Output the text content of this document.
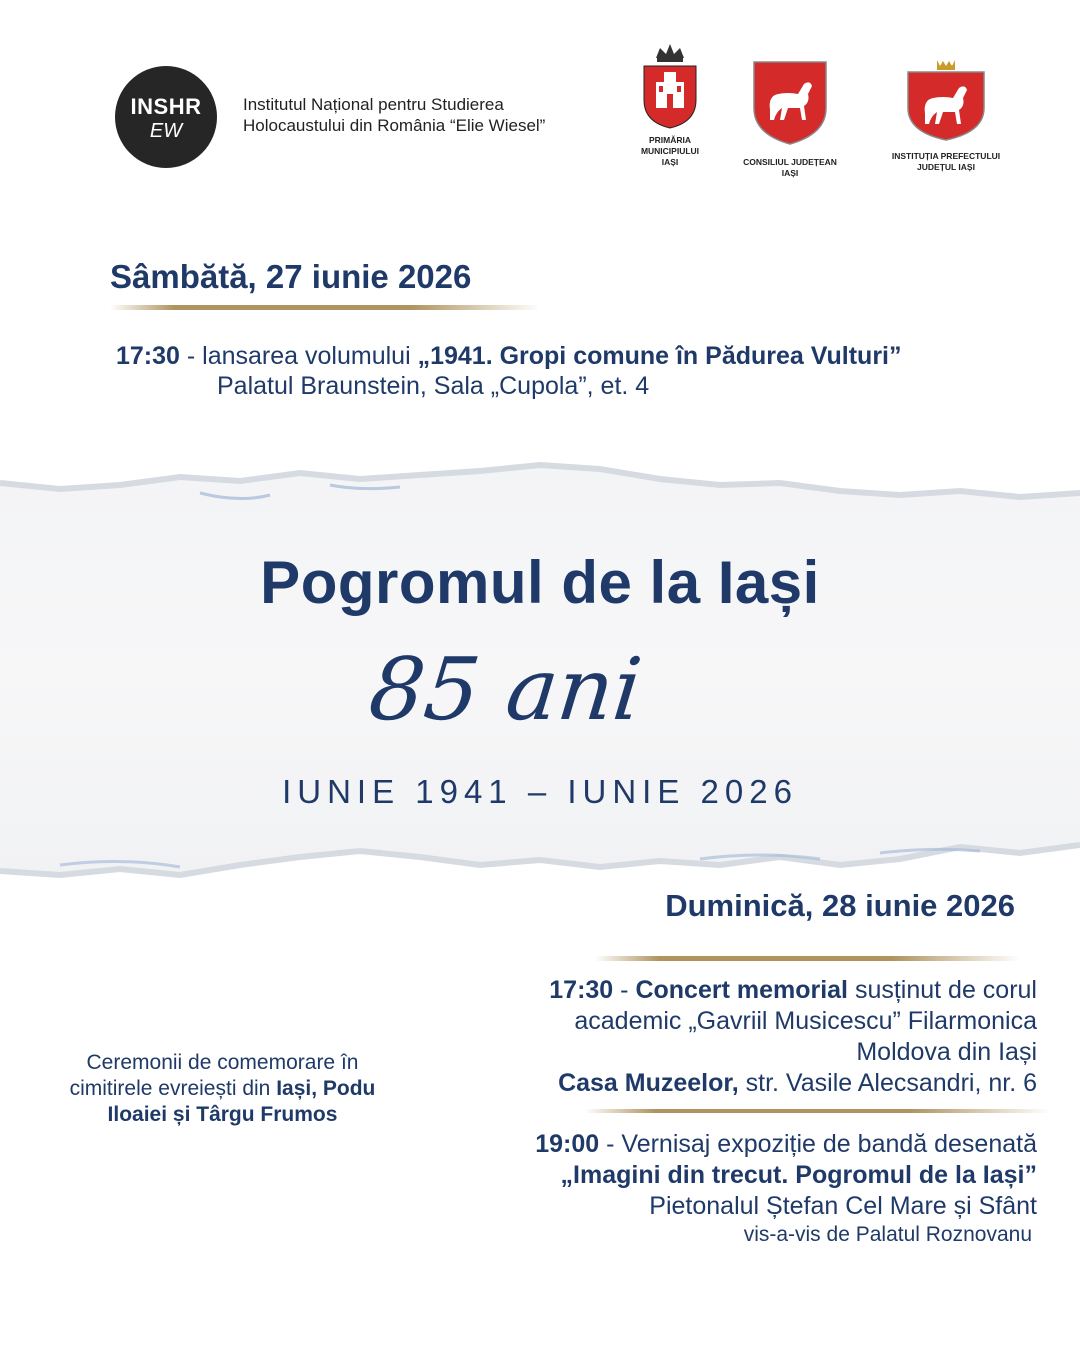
INSHR
EW
Institutul Național pentru Studierea
Holocaustului din România “Elie Wiesel”
PRIMĂRIA
MUNICIPIULUI
IAȘI	CONSILIUL JUDEȚEAN
IAȘI
INSTITUȚIA PREFECTULUI
JUDEȚUL IAȘI
Sâmbătă, 27 iunie 2026
17:30 - lansarea volumului „1941. Gropi comune în Pădurea Vulturi”
Palatul Braunstein, Sala „Cupola”, et. 4
Pogromul de la Iași
85 ani
IUNIE 1941 – IUNIE 2026
Duminică, 28 iunie 2026
17:30 - Concert memorial susținut de corul
academic „Gavriil Musicescu” Filarmonica
Moldova din Iași
Casa Muzeelor, str. Vasile Alecsandri, nr. 6
19:00 - Vernisaj expoziție de bandă desenată
„Imagini din trecut. Pogromul de la Iași”
Pietonalul Ștefan Cel Mare și Sfânt
vis-a-vis de Palatul Roznovanu
Ceremonii de comemorare în
cimitirele evreiești din Iași, Podu
Iloaiei și Târgu Frumos
